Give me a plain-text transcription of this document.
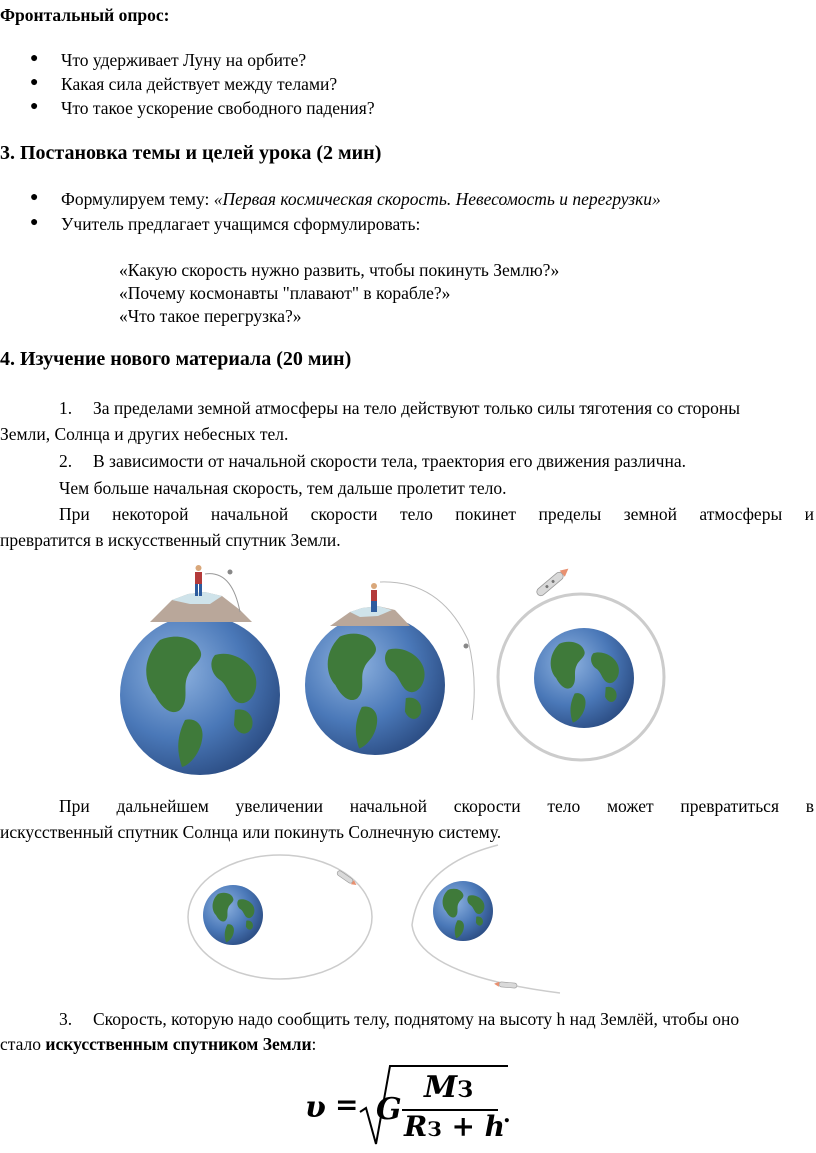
Фронтальный опрос:
● Что удерживает Луну на орбите?
● Какая сила действует между телами?
● Что такое ускорение свободного падения?
3. Постановка темы и целей урока (2 мин)
● Формулируем тему: «Первая космическая скорость. Невесомость и перегрузки»
● Учитель предлагает учащимся сформулировать:
«Какую скорость нужно развить, чтобы покинуть Землю?»
«Почему космонавты "плавают" в корабле?»
«Что такое перегрузка?»
4. Изучение нового материала (20 мин)
1. За пределами земной атмосферы на тело действуют только силы тяготения со стороны
Земли, Солнца и других небесных тел.
2. В зависимости от начальной скорости тела, траектория его движения различна.
Чем больше начальная скорость, тем дальше пролетит тело.
При некоторой начальной скорости тело покинет пределы земной атмосферы и
превратится в искусственный спутник Земли.
При дальнейшем увеличении начальной скорости тело может превратиться в
искусственный спутник Солнца или покинуть Солнечную систему.
3. Скорость, которую надо сообщить телу, поднятому на высоту h над Землёй, чтобы оно
стало искусственным спутником Земли:
υ = G
MЗ
RЗ + h
.
